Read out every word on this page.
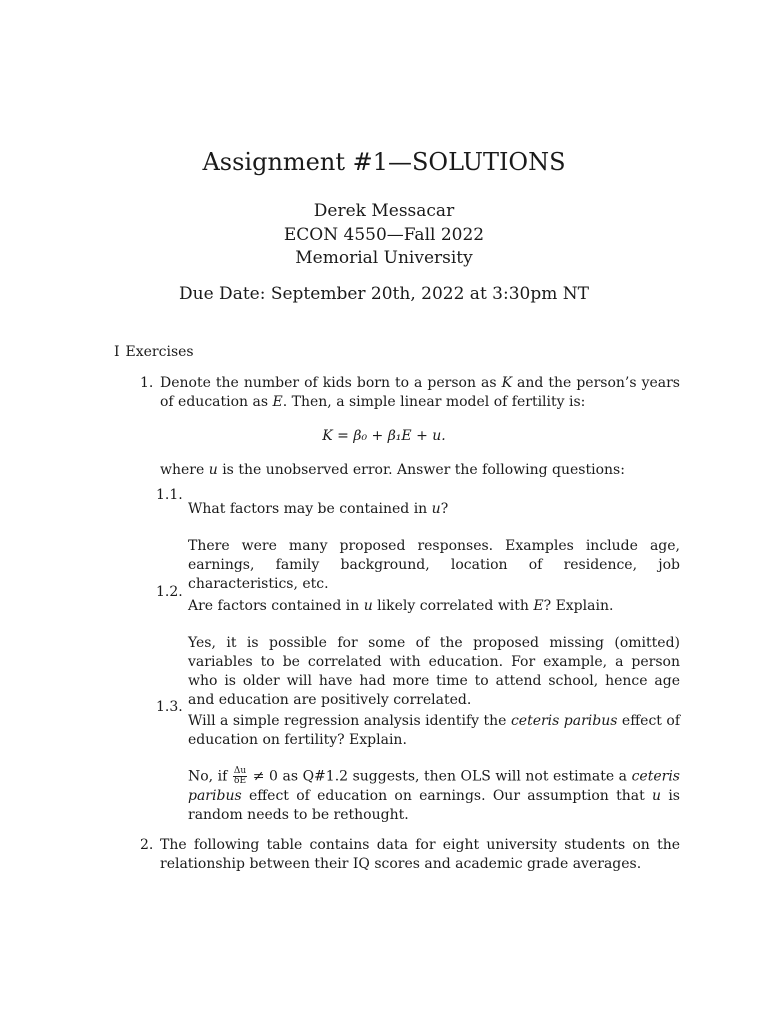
Assignment #1—SOLUTIONS
Derek Messacar
ECON 4550—Fall 2022
Memorial University
Due Date: September 20th, 2022 at 3:30pm NT
I Exercises
1. Denote the number of kids born to a person as K and the person’s years of education as E. Then, a simple linear model of fertility is:

K = β₀ + β₁E + u.

where u is the unobserved error. Answer the following questions:

1.1.

What factors may be contained in u?

There were many proposed responses. Examples include age, earnings, family background, location of residence, job characteristics, etc.

1.2.

Are factors contained in u likely correlated with E? Explain.

Yes, it is possible for some of the proposed missing (omitted) variables to be correlated with education. For example, a person who is older will have had more time to attend school, hence age and education are positively correlated.

1.3.

Will a simple regression analysis identify the ceteris paribus effect of education on fertility? Explain.

No, if $\frac{\Delta u}{\delta E} \ne 0$ as Q#1.2 suggests, then OLS will not estimate a ceteris paribus effect of education on earnings. Our assumption that u is random needs to be rethought.

2. The following table contains data for eight university students on the relationship between their IQ scores and academic grade averages.
